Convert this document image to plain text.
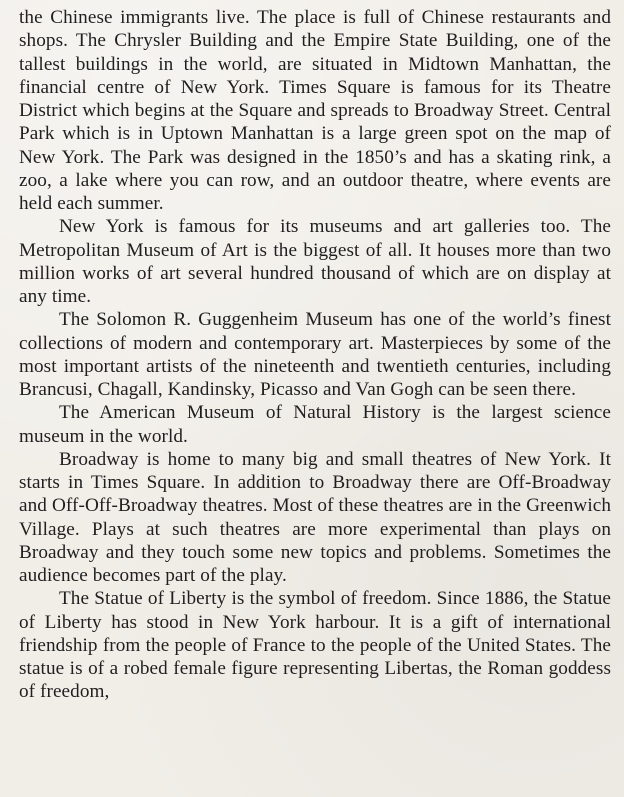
the Chinese immigrants live. The place is full of Chinese restaurants and shops. The Chrysler Building and the Empire State Building, one of the tallest buildings in the world, are situated in Midtown Manhattan, the financial centre of New York. Times Square is famous for its Theatre District which begins at the Square and spreads to Broadway Street. Central Park which is in Uptown Manhattan is a large green spot on the map of New York. The Park was designed in the 1850’s and has a skating rink, a zoo, a lake where you can row, and an outdoor theatre, where events are held each summer.

New York is famous for its museums and art galleries too. The Metropolitan Museum of Art is the biggest of all. It houses more than two million works of art several hundred thousand of which are on display at any time.

The Solomon R. Guggenheim Museum has one of the world’s finest collections of modern and contemporary art. Masterpieces by some of the most important artists of the nineteenth and twentieth centuries, including Brancusi, Chagall, Kandinsky, Picasso and Van Gogh can be seen there.

The American Museum of Natural History is the largest science museum in the world.

Broadway is home to many big and small theatres of New York. It starts in Times Square. In addition to Broadway there are Off-Broadway and Off-Off-Broadway theatres. Most of these theatres are in the Greenwich Village. Plays at such theatres are more experimental than plays on Broadway and they touch some new topics and problems. Sometimes the audience becomes part of the play.

The Statue of Liberty is the symbol of freedom. Since 1886, the Statue of Liberty has stood in New York harbour. It is a gift of international friendship from the people of France to the people of the United States. The statue is of a robed female figure representing Libertas, the Roman goddess of freedom,
